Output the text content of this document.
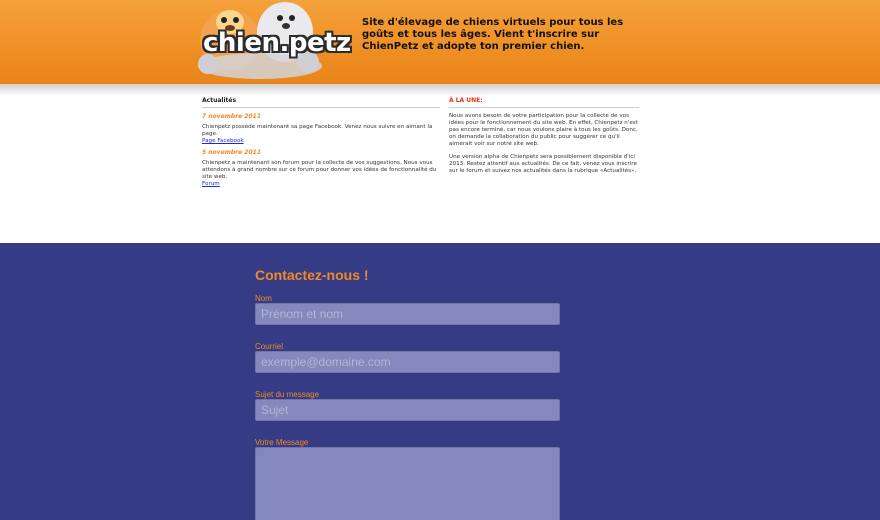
chien.petz
Site d'élevage de chiens virtuels pour tous les goûts et tous les âges. Vient t'inscrire sur ChienPetz et adopte ton premier chien.
Actualités
7 novembre 2011
Chienpetz possède maintenant sa page Facebook. Venez nous suivre en aimant la page.
Page Facebook
5 novembre 2011
Chienpetz a maintenant son forum pour la collecte de vos suggestions. Nous vous attendons à grand nombre sur ce forum pour donner vos idées de fonctionnalité du site web.
Forum
À LA UNE:
Nous avons besoin de votre participation pour la collecte de vos idées pour le fonctionnement du site web. En effet, Chienpetz n'est pas encore terminé, car nous voulons plaire à tous les goûts. Donc, on demande la collaboration du public pour suggérer ce qu'il aimerait voir sur notre site web.
Une version alpha de Chienpetz sera possiblement disponible d'ici 2013. Restez attentif aux actualités. De ce fait, venez vous inscrire sur le forum et suivez nos actualités dans la rubrique «Actualités».
Contactez-nous !
Nom
Prénom et nom
Courriel
exemple@domaine.com
Sujet du message
Sujet
Votre Message
